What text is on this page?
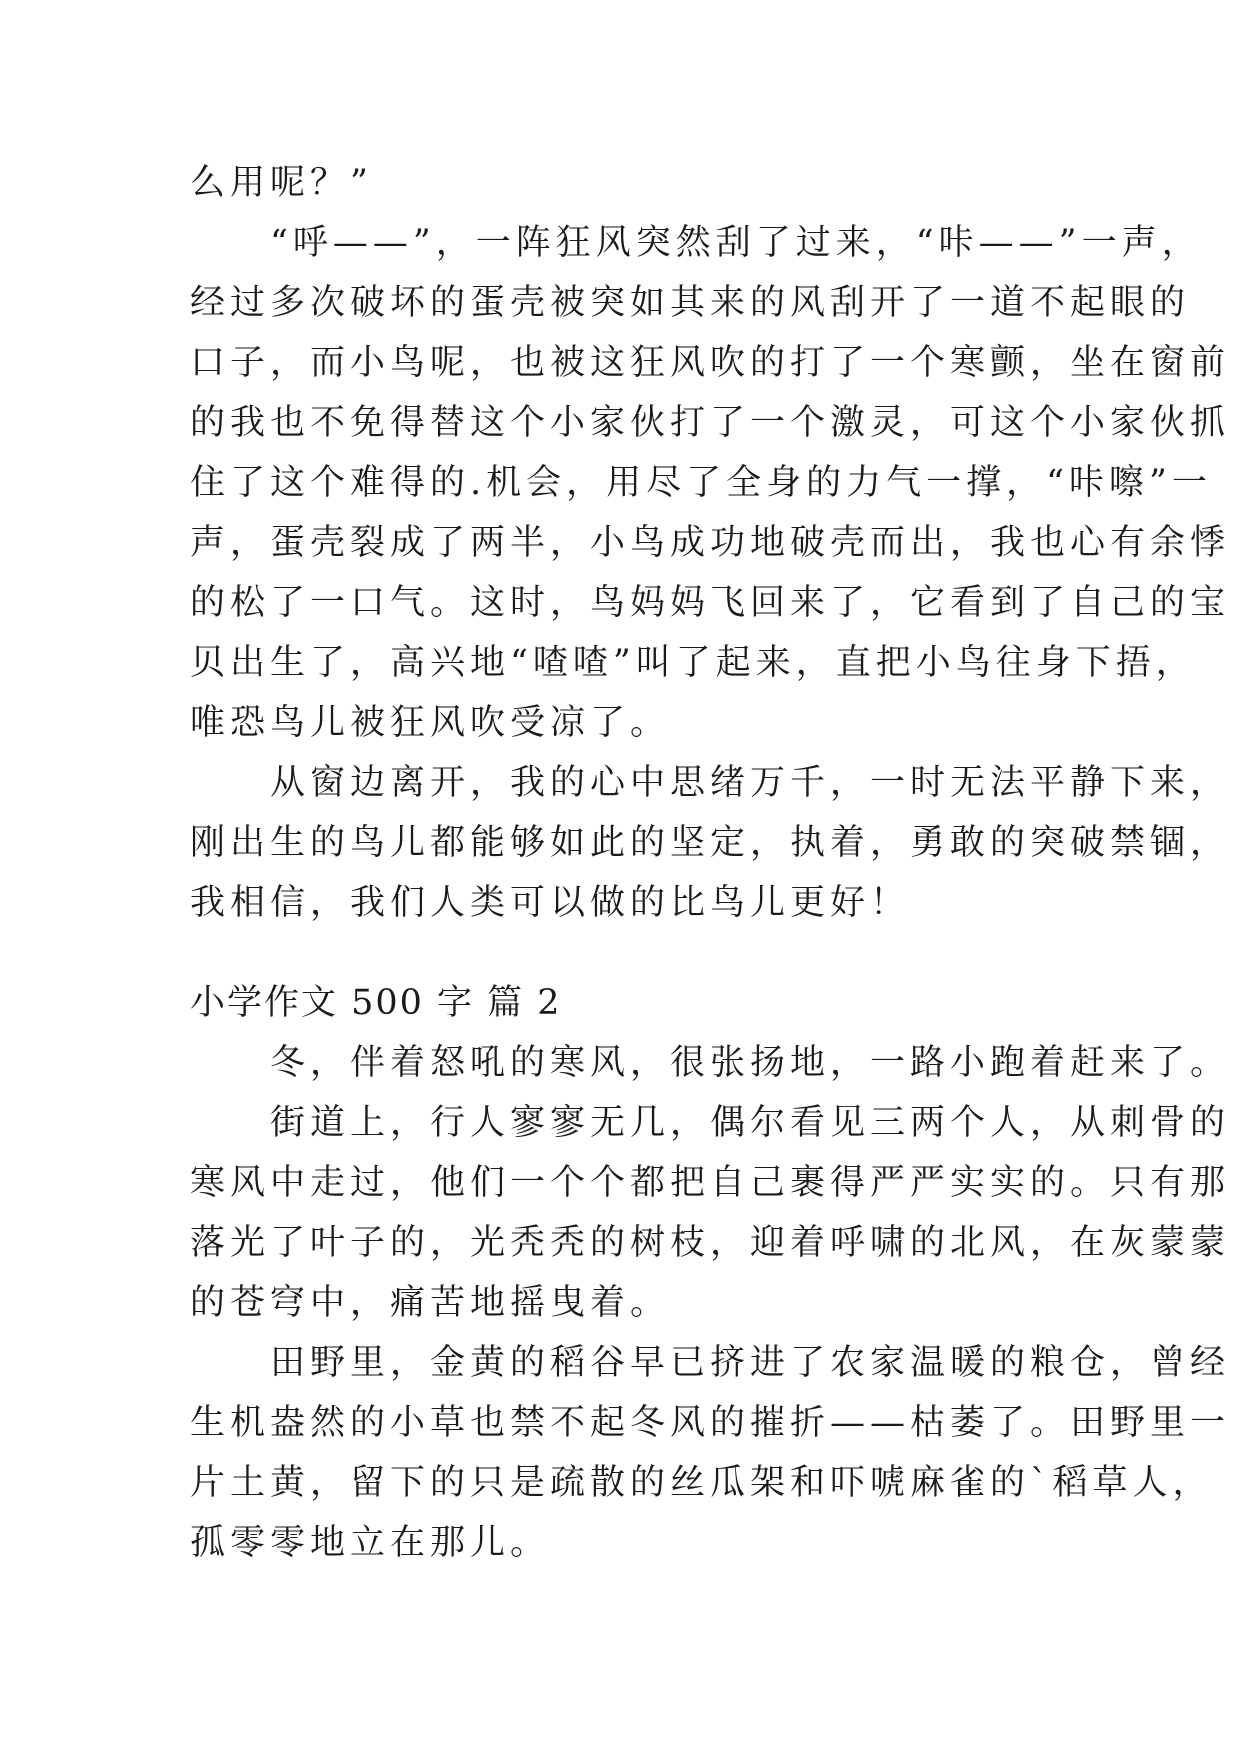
么用呢？”
　　“呼——”，一阵狂风突然刮了过来，“咔——”一声，
经过多次破坏的蛋壳被突如其来的风刮开了一道不起眼的
口子，而小鸟呢，也被这狂风吹的打了一个寒颤，坐在窗前
的我也不免得替这个小家伙打了一个激灵，可这个小家伙抓
住了这个难得的.机会，用尽了全身的力气一撑，“咔嚓”一
声，蛋壳裂成了两半，小鸟成功地破壳而出，我也心有余悸
的松了一口气。这时，鸟妈妈飞回来了，它看到了自己的宝
贝出生了，高兴地“喳喳”叫了起来，直把小鸟往身下捂，
唯恐鸟儿被狂风吹受凉了。
　　从窗边离开，我的心中思绪万千，一时无法平静下来，
刚出生的鸟儿都能够如此的坚定，执着，勇敢的突破禁锢，
我相信，我们人类可以做的比鸟儿更好！
小学作文 500 字 篇 2
　　冬，伴着怒吼的寒风，很张扬地，一路小跑着赶来了。
　　街道上，行人寥寥无几，偶尔看见三两个人，从刺骨的
寒风中走过，他们一个个都把自己裹得严严实实的。只有那
落光了叶子的，光秃秃的树枝，迎着呼啸的北风，在灰蒙蒙
的苍穹中，痛苦地摇曳着。
　　田野里，金黄的稻谷早已挤进了农家温暖的粮仓，曾经
生机盎然的小草也禁不起冬风的摧折——枯萎了。田野里一
片土黄，留下的只是疏散的丝瓜架和吓唬麻雀的`稻草人，
孤零零地立在那儿。
